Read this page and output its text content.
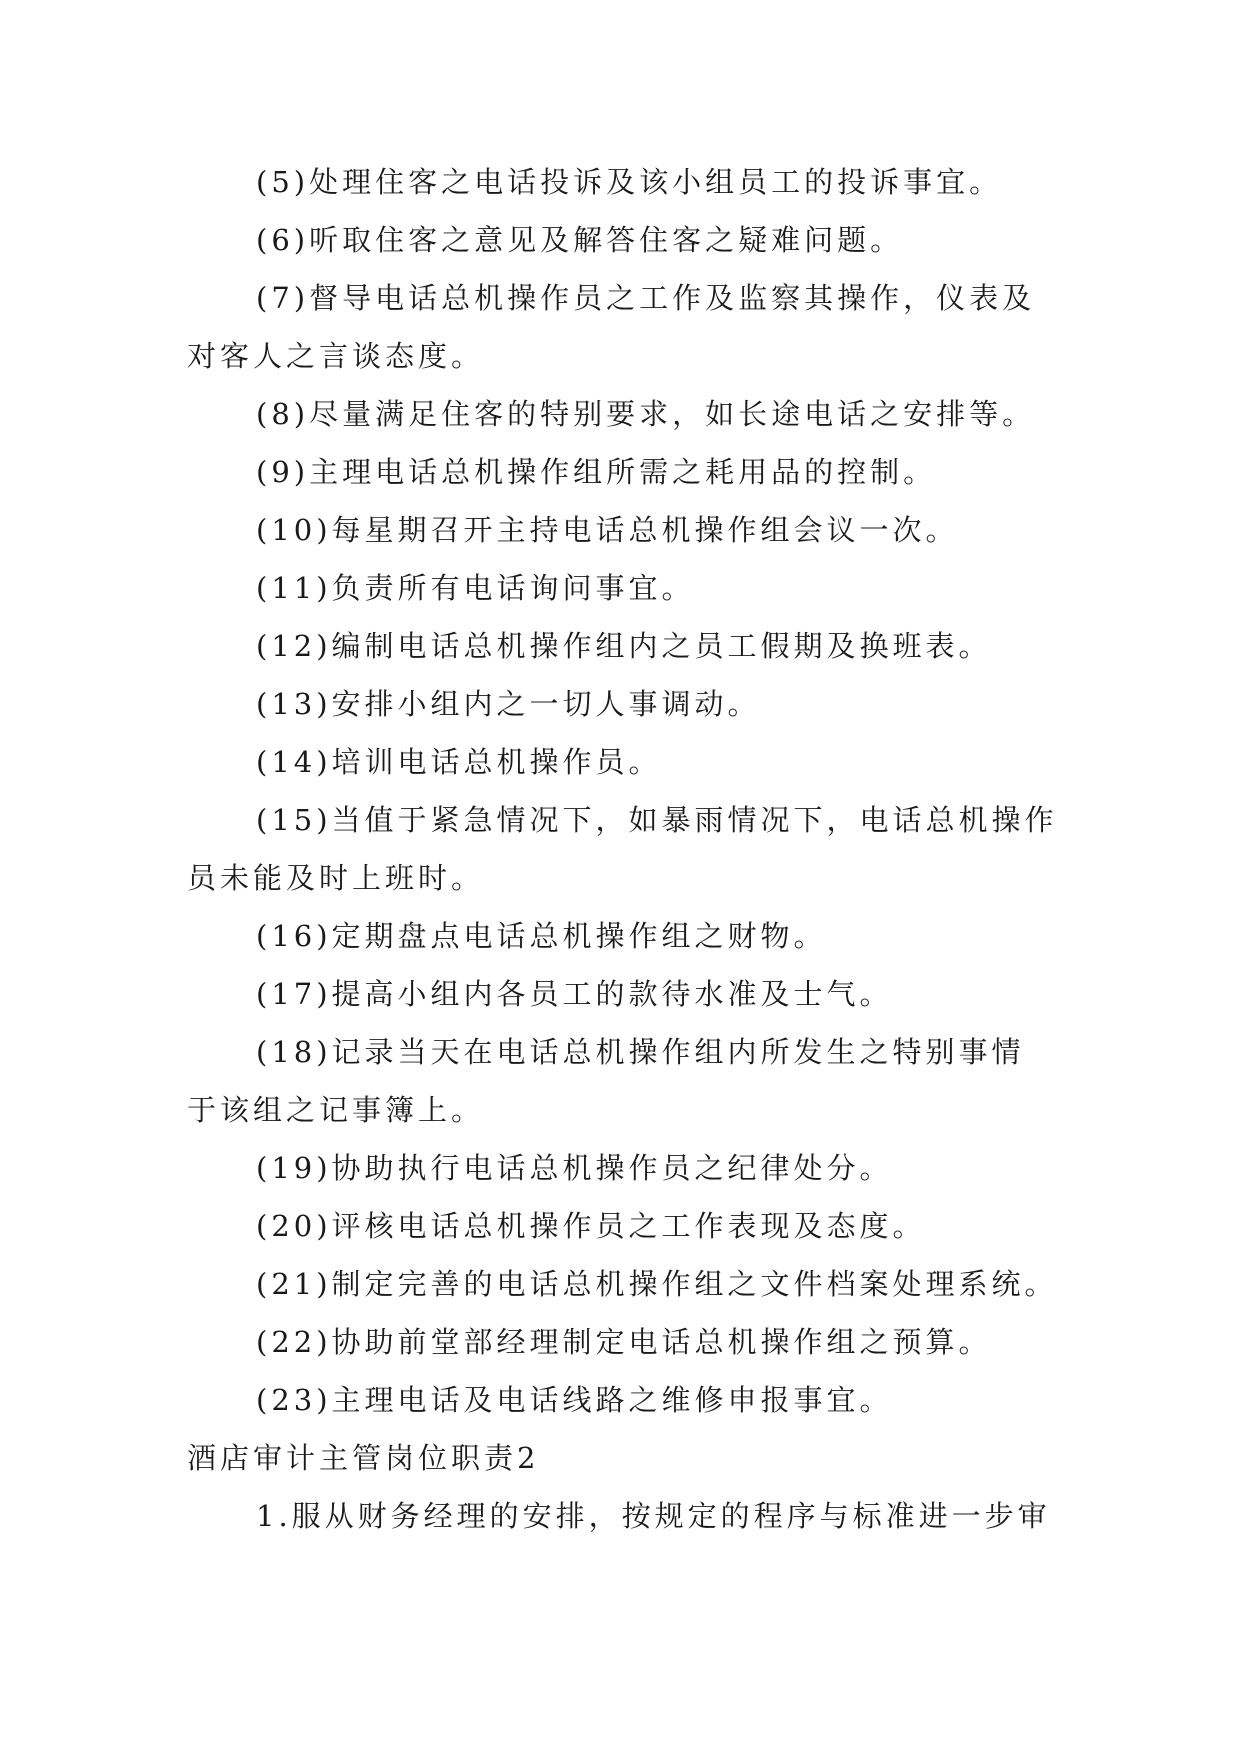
(5)处理住客之电话投诉及该小组员工的投诉事宜。
(6)听取住客之意见及解答住客之疑难问题。
(7)督导电话总机操作员之工作及监察其操作，仪表及
对客人之言谈态度。
(8)尽量满足住客的特别要求，如长途电话之安排等。
(9)主理电话总机操作组所需之耗用品的控制。
(10)每星期召开主持电话总机操作组会议一次。
(11)负责所有电话询问事宜。
(12)编制电话总机操作组内之员工假期及换班表。
(13)安排小组内之一切人事调动。
(14)培训电话总机操作员。
(15)当值于紧急情况下，如暴雨情况下，电话总机操作
员未能及时上班时。
(16)定期盘点电话总机操作组之财物。
(17)提高小组内各员工的款待水准及士气。
(18)记录当天在电话总机操作组内所发生之特别事情
于该组之记事簿上。
(19)协助执行电话总机操作员之纪律处分。
(20)评核电话总机操作员之工作表现及态度。
(21)制定完善的电话总机操作组之文件档案处理系统。
(22)协助前堂部经理制定电话总机操作组之预算。
(23)主理电话及电话线路之维修申报事宜。
酒店审计主管岗位职责2
1.服从财务经理的安排，按规定的程序与标准进一步审
